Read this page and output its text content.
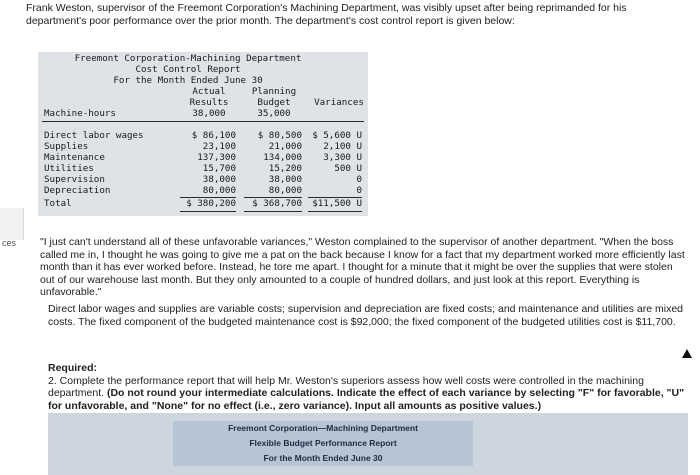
ces
Frank Weston, supervisor of the Freemont Corporation's Machining Department, was visibly upset after being reprimanded for his department's poor performance over the prior month. The department's cost control report is given below:
Freemont Corporation-Machining Department
Cost Control Report
For the Month Ended June 30
Actual
Results
Planning
Budget	Variances
Machine-hours	38,000	35,000
Direct labor wages	$ 86,100	$ 80,500	$ 5,600 U
Supplies	23,100	21,000	2,100 U
Maintenance	137,300	134,000	3,300 U
Utilities	15,700	15,200	500 U
Supervision	38,000	38,000	0
Depreciation	80,000	80,000	0
Total	$ 380,200	$ 368,700	$11,500 U
"I just can't understand all of these unfavorable variances," Weston complained to the supervisor of another department. "When the boss called me in, I thought he was going to give me a pat on the back because I know for a fact that my department worked more efficiently last month than it has ever worked before. Instead, he tore me apart. I thought for a minute that it might be over the supplies that were stolen out of our warehouse last month. But they only amounted to a couple of hundred dollars, and just look at this report. Everything is unfavorable."
Direct labor wages and supplies are variable costs; supervision and depreciation are fixed costs; and maintenance and utilities are mixed costs. The fixed component of the budgeted maintenance cost is $92,000; the fixed component of the budgeted utilities cost is $11,700.
Required:
2. Complete the performance report that will help Mr. Weston's superiors assess how well costs were controlled in the machining department. (Do not round your intermediate calculations. Indicate the effect of each variance by selecting "F" for favorable, "U" for unfavorable, and "None" for no effect (i.e., zero variance). Input all amounts as positive values.)
Freemont Corporation—Machining Department
Flexible Budget Performance Report
For the Month Ended June 30
